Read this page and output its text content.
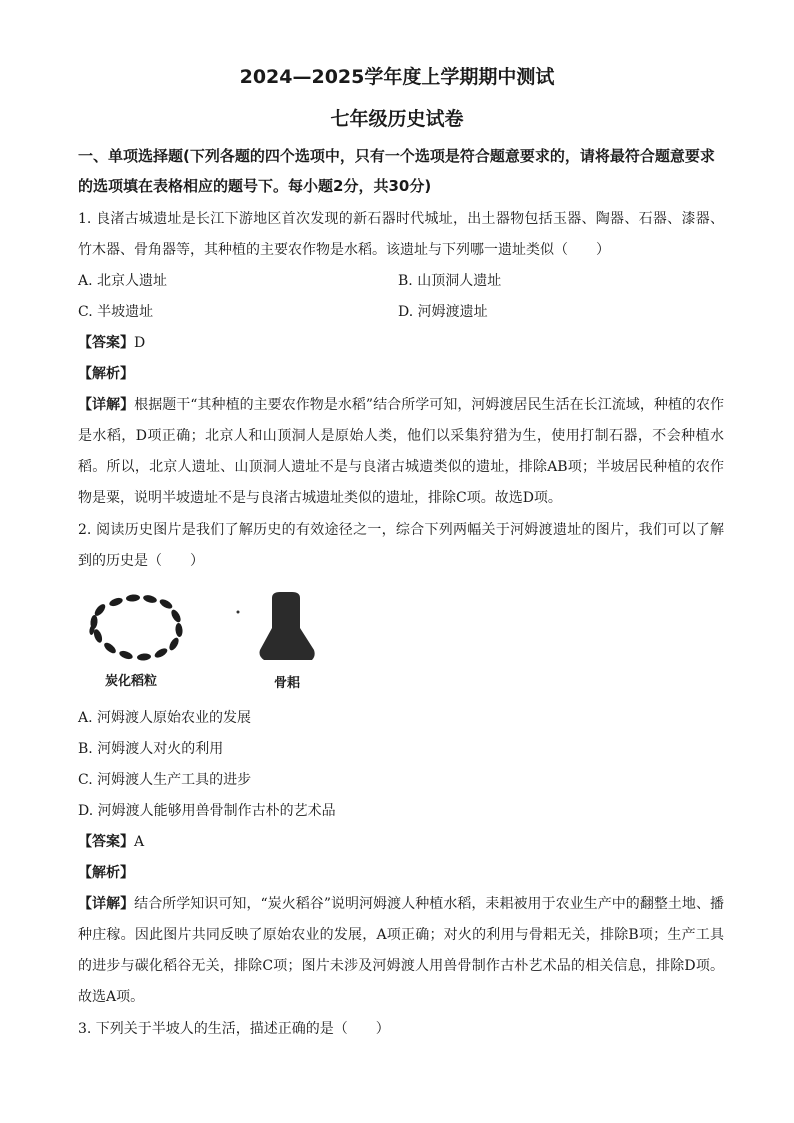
2024—2025学年度上学期期中测试
七年级历史试卷
一、单项选择题(下列各题的四个选项中，只有一个选项是符合题意要求的，请将最符合题意要求的选项填在表格相应的题号下。每小题2分，共30分)
1. 良渚古城遗址是长江下游地区首次发现的新石器时代城址，出土器物包括玉器、陶器、石器、漆器、竹木器、骨角器等，其种植的主要农作物是水稻。该遗址与下列哪一遗址类似（　　）
A. 北京人遗址	B. 山顶洞人遗址
C. 半坡遗址	D. 河姆渡遗址
【答案】D
【解析】
【详解】根据题干“其种植的主要农作物是水稻”结合所学可知，河姆渡居民生活在长江流域，种植的农作是水稻，D项正确；北京人和山顶洞人是原始人类，他们以采集狩猎为生，使用打制石器，不会种植水稻。所以，北京人遗址、山顶洞人遗址不是与良渚古城遗类似的遗址，排除AB项；半坡居民种植的农作物是粟，说明半坡遗址不是与良渚古城遗址类似的遗址，排除C项。故选D项。
2. 阅读历史图片是我们了解历史的有效途径之一，综合下列两幅关于河姆渡遗址的图片，我们可以了解到的历史是（　　）
炭化稻粒	骨耜
A. 河姆渡人原始农业的发展
B. 河姆渡人对火的利用
C. 河姆渡人生产工具的进步
D. 河姆渡人能够用兽骨制作古朴的艺术品
【答案】A
【解析】
【详解】结合所学知识可知，“炭火稻谷”说明河姆渡人种植水稻，耒耜被用于农业生产中的翻整土地、播种庄稼。因此图片共同反映了原始农业的发展，A项正确；对火的利用与骨耜无关，排除B项；生产工具的进步与碳化稻谷无关，排除C项；图片未涉及河姆渡人用兽骨制作古朴艺术品的相关信息，排除D项。故选A项。
3. 下列关于半坡人的生活，描述正确的是（　　）
